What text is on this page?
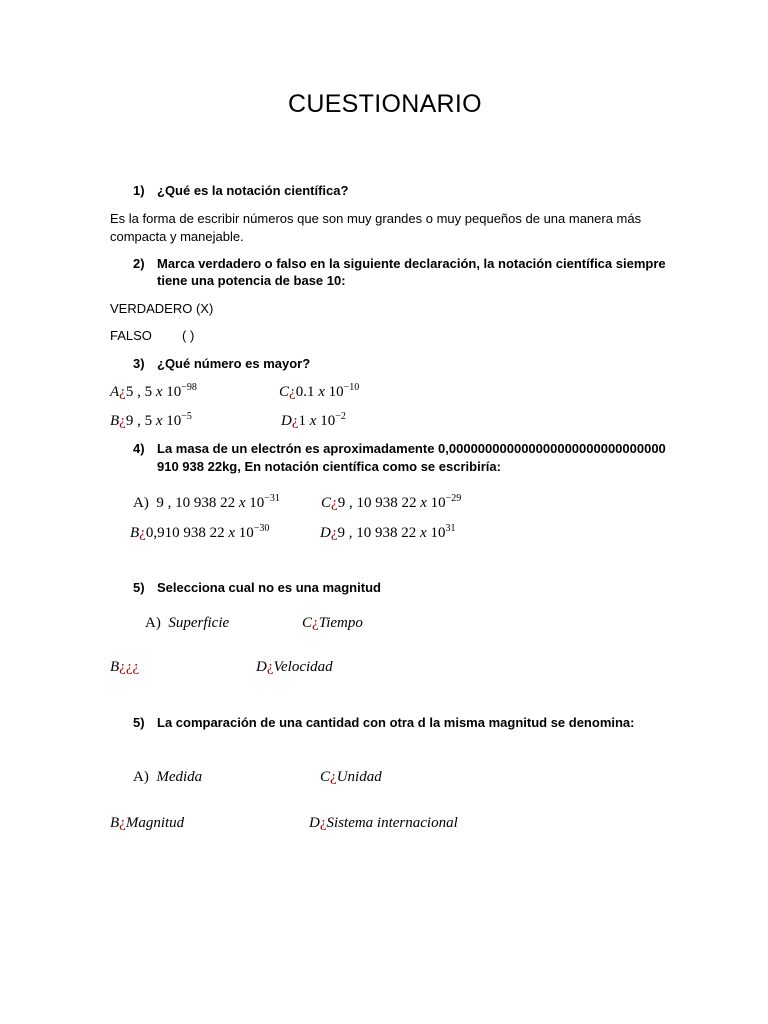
CUESTIONARIO
1) ¿Qué es la notación científica?
Es la forma de escribir números que son muy grandes o muy pequeños de una manera más compacta y manejable.
2) Marca verdadero o falso en la siguiente declaración, la notación científica siempre
tiene una potencia de base 10:
VERDADERO (X)
FALSO ( )
3) ¿Qué número es mayor?
A¿5 , 5 x $10^{-98}$	C¿0.1 x $10^{-10}$
B¿9 , 5 x $10^{-5}$	D¿1 x $10^{-2}$
4) La masa de un electrón es aproximadamente 0,000000000000000000000000000000
910 938 22kg, En notación científica como se escribiría:
A) 9 , 10 938 22 x $10^{-31}$	C¿9 , 10 938 22 x $10^{-29}$
B¿0,910 938 22 x $10^{-30}$	D¿9 , 10 938 22 x $10^{31}$
5) Selecciona cual no es una magnitud
A) Superficie	C¿Tiempo
B¿¿¿	D¿Velocidad
5) La comparación de una cantidad con otra d la misma magnitud se denomina:
A) Medida	C¿Unidad
B¿Magnitud	D¿Sistema internacional
